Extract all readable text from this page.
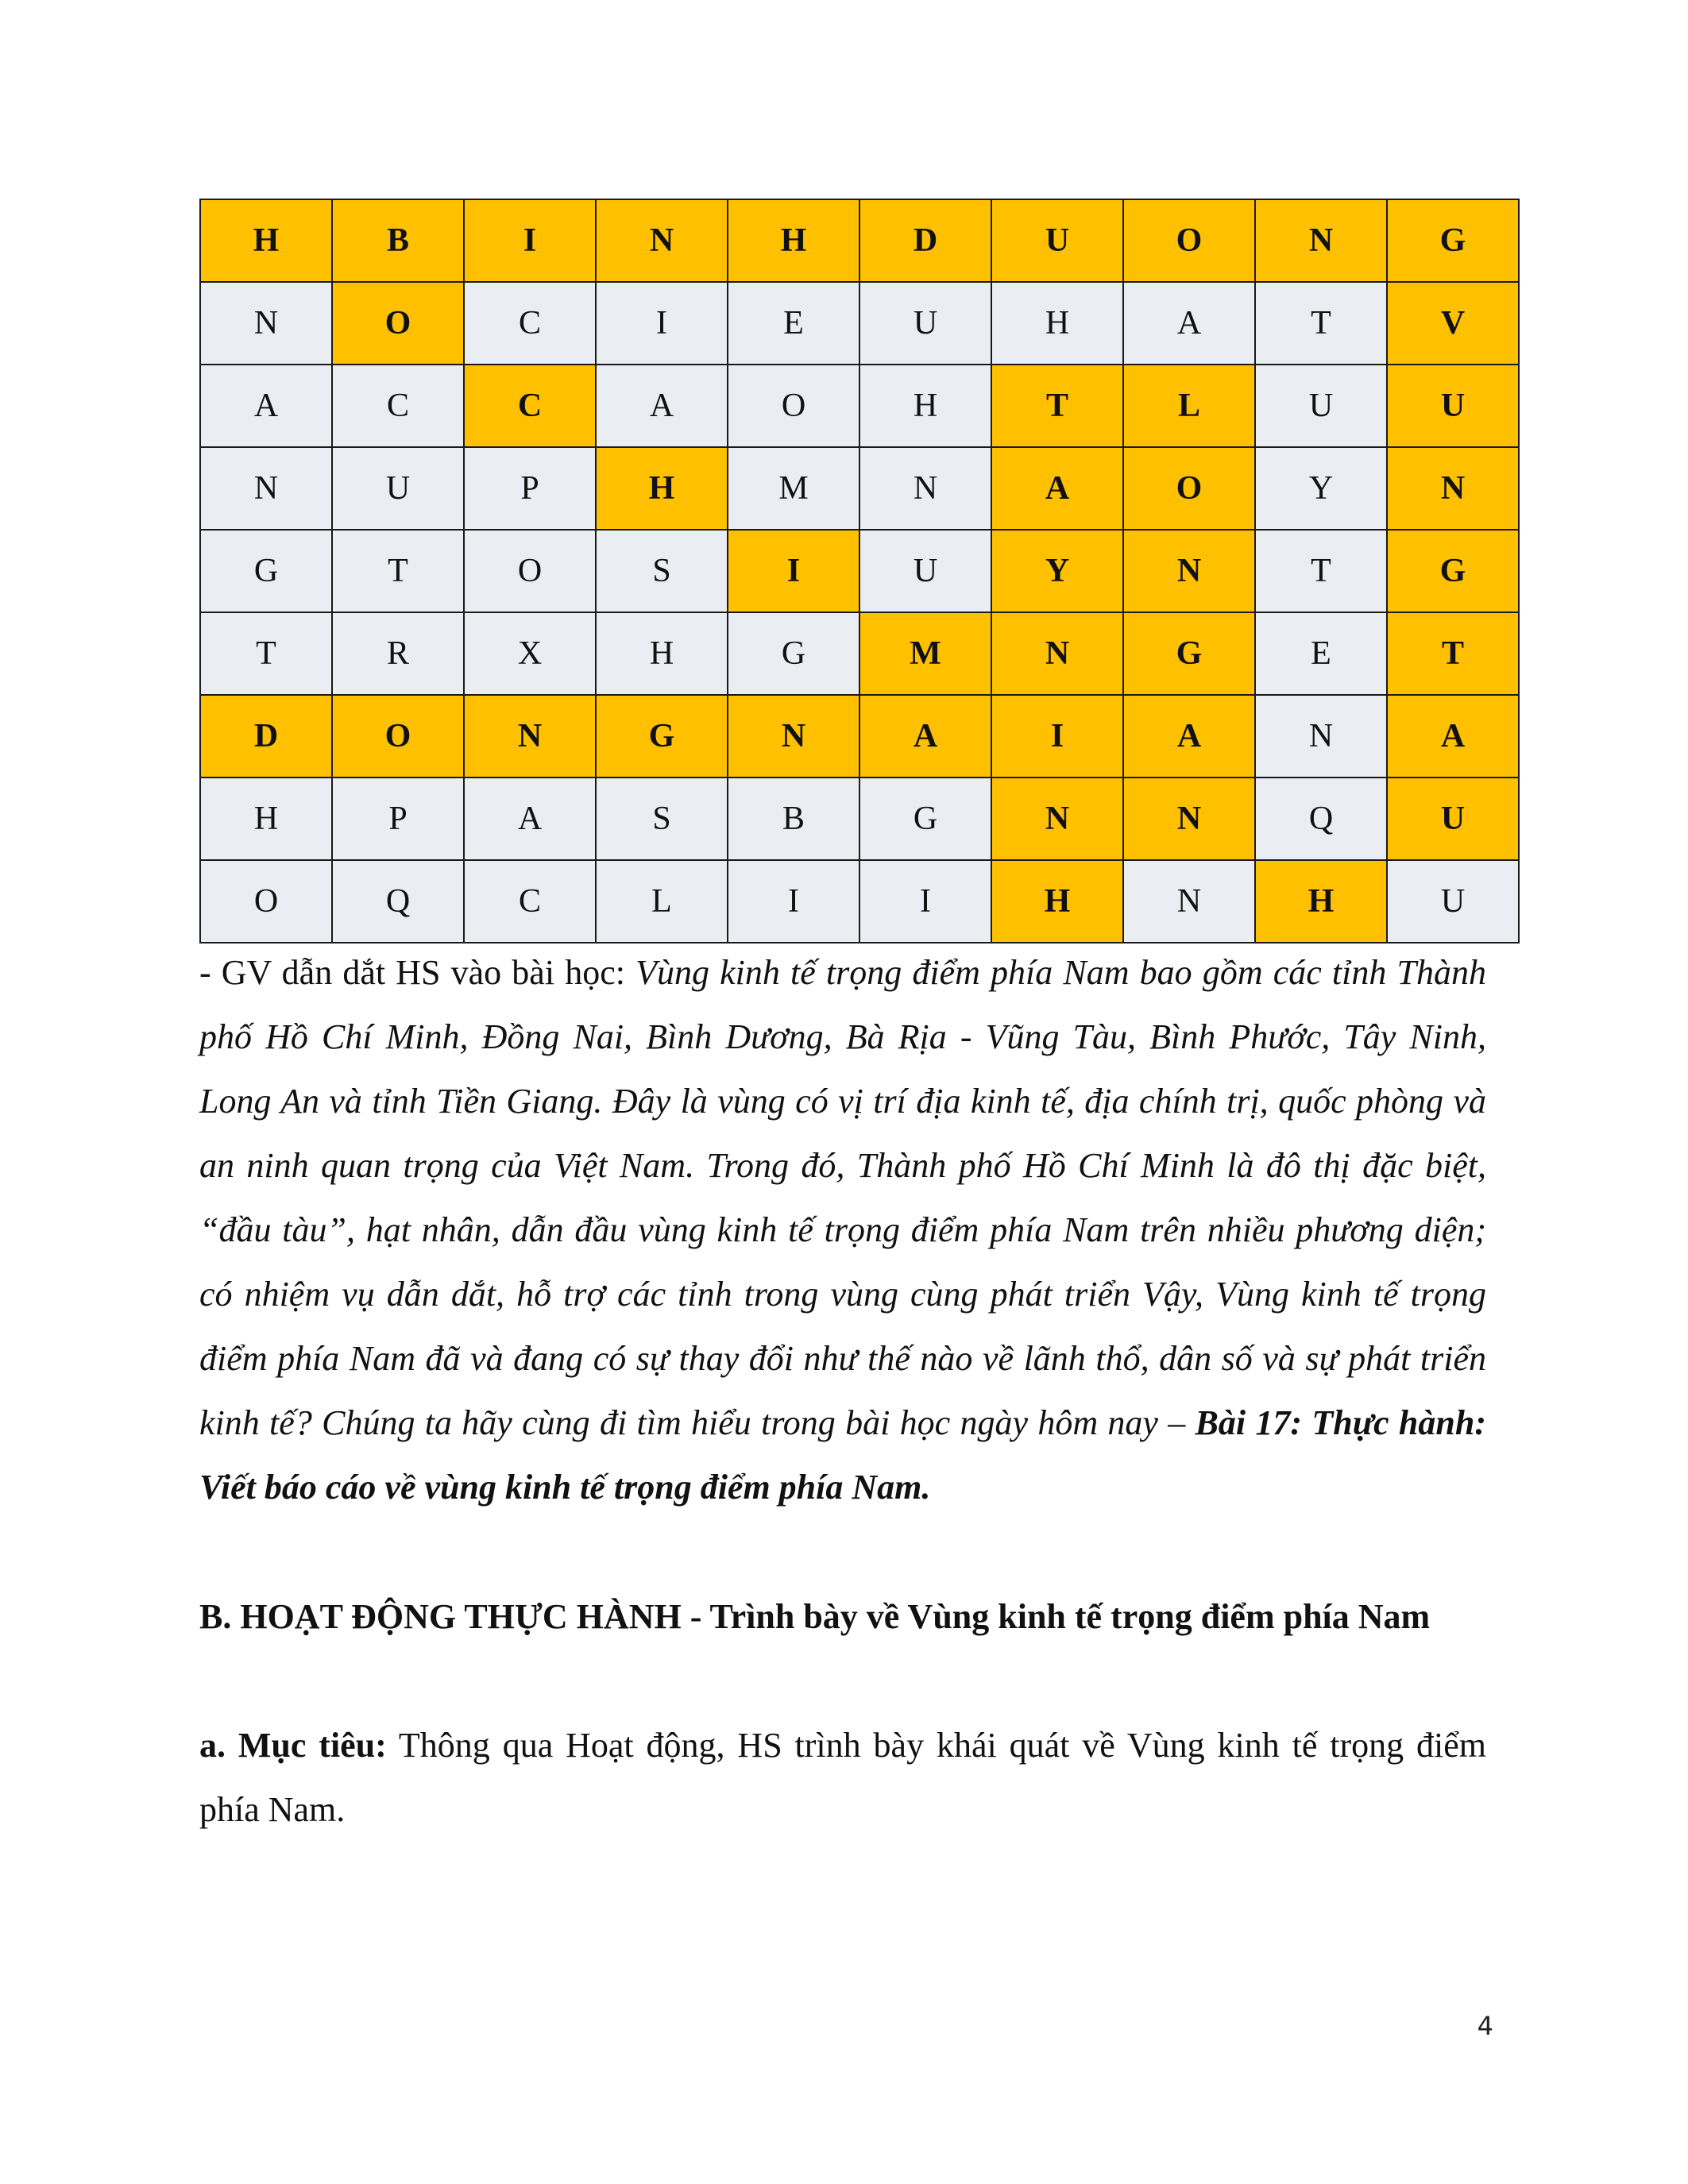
H	B	I	N	H	D	U	O	N	G
N	O	C	I	E	U	H	A	T	V
A	C	C	A	O	H	T	L	U	U
N	U	P	H	M	N	A	O	Y	N
G	T	O	S	I	U	Y	N	T	G
T	R	X	H	G	M	N	G	E	T
D	O	N	G	N	A	I	A	N	A
H	P	A	S	B	G	N	N	Q	U
O	Q	C	L	I	I	H	N	H	U

- GV dẫn dắt HS vào bài học: Vùng kinh tế trọng điểm phía Nam bao gồm các tỉnh Thành phố Hồ Chí Minh, Đồng Nai, Bình Dương, Bà Rịa - Vũng Tàu, Bình Phước, Tây Ninh, Long An và tỉnh Tiền Giang. Đây là vùng có vị trí địa kinh tế, địa chính trị, quốc phòng và an ninh quan trọng của Việt Nam. Trong đó, Thành phố Hồ Chí Minh là đô thị đặc biệt, “đầu tàu”, hạt nhân, dẫn đầu vùng kinh tế trọng điểm phía Nam trên nhiều phương diện; có nhiệm vụ dẫn dắt, hỗ trợ các tỉnh trong vùng cùng phát triển Vậy, Vùng kinh tế trọng điểm phía Nam đã và đang có sự thay đổi như thế nào về lãnh thổ, dân số và sự phát triển kinh tế? Chúng ta hãy cùng đi tìm hiểu trong bài học ngày hôm nay – Bài 17: Thực hành: Viết báo cáo về vùng kinh tế trọng điểm phía Nam.

B. HOẠT ĐỘNG THỰC HÀNH - Trình bày về Vùng kinh tế trọng điểm phía Nam

a. Mục tiêu: Thông qua Hoạt động, HS trình bày khái quát về Vùng kinh tế trọng điểm phía Nam.

4
